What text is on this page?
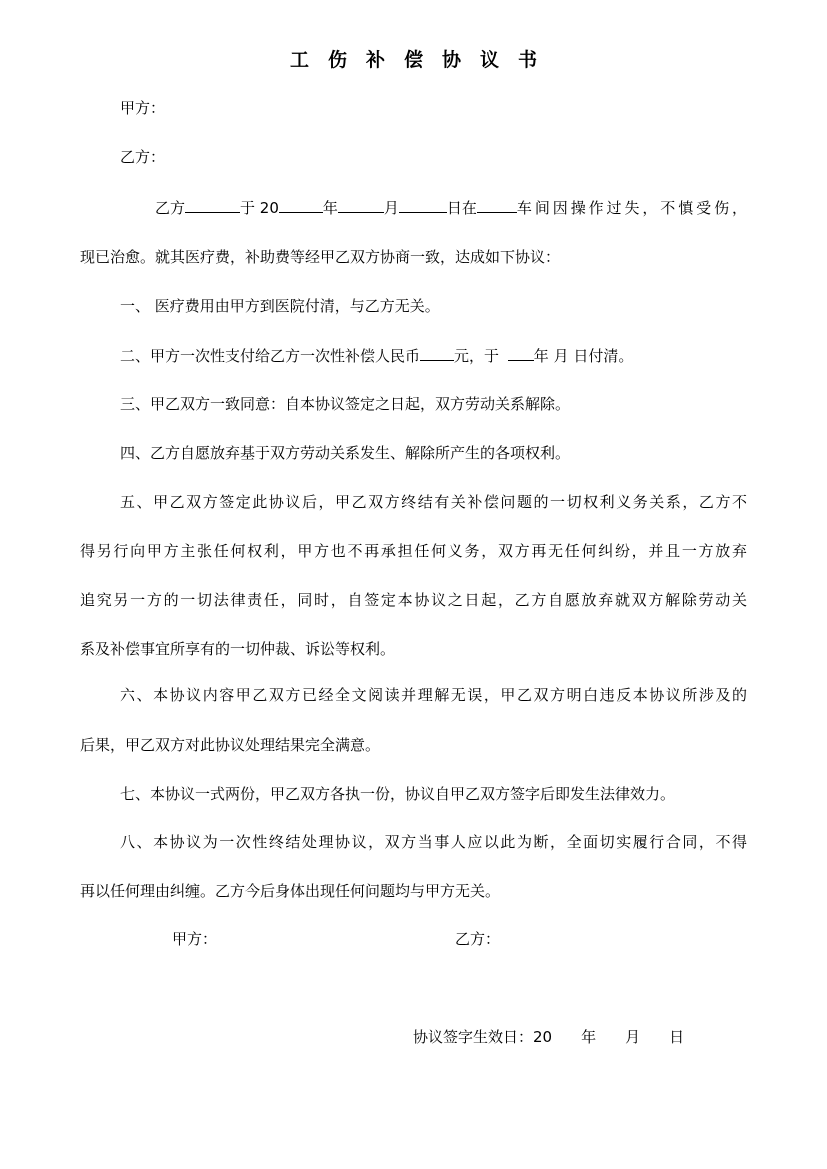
工伤补偿协议书
甲方：
乙方：
乙方	于 20	年	月	日在	车间因操作过失，不慎受伤，
现已治愈。就其医疗费，补助费等经甲乙双方协商一致，达成如下协议：
一、 医疗费用由甲方到医院付清，与乙方无关。
二、甲方一次性支付给乙方一次性补偿人民币 元，于 年 月 日付清。
三、甲乙双方一致同意：自本协议签定之日起，双方劳动关系解除。
四、乙方自愿放弃基于双方劳动关系发生、解除所产生的各项权利。
五、甲乙双方签定此协议后，甲乙双方终结有关补偿问题的一切权利义务关系，乙方不
得另行向甲方主张任何权利，甲方也不再承担任何义务，双方再无任何纠纷，并且一方放弃
追究另一方的一切法律责任，同时，自签定本协议之日起，乙方自愿放弃就双方解除劳动关
系及补偿事宜所享有的一切仲裁、诉讼等权利。
六、本协议内容甲乙双方已经全文阅读并理解无误，甲乙双方明白违反本协议所涉及的
后果，甲乙双方对此协议处理结果完全满意。
七、本协议一式两份，甲乙双方各执一份，协议自甲乙双方签字后即发生法律效力。
八、本协议为一次性终结处理协议，双方当事人应以此为断，全面切实履行合同，不得
再以任何理由纠缠。乙方今后身体出现任何问题均与甲方无关。
甲方：	乙方：
协议签字生效日：20 年 月 日
